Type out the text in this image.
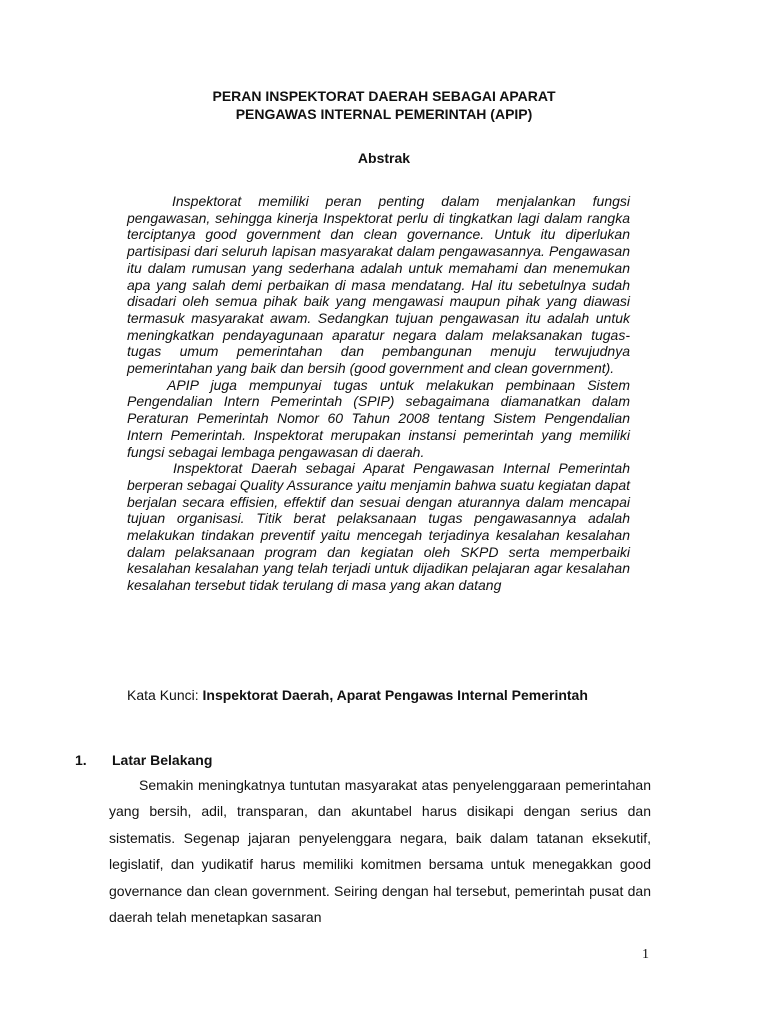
PERAN INSPEKTORAT DAERAH SEBAGAI APARAT
PENGAWAS INTERNAL PEMERINTAH (APIP)
Abstrak

Inspektorat memiliki peran penting dalam menjalankan fungsi pengawasan, sehingga kinerja Inspektorat perlu di tingkatkan lagi dalam rangka terciptanya good government dan clean governance. Untuk itu diperlukan partisipasi dari seluruh lapisan masyarakat dalam pengawasannya. Pengawasan itu dalam rumusan yang sederhana adalah untuk memahami dan menemukan apa yang salah demi perbaikan di masa mendatang. Hal itu sebetulnya sudah disadari oleh semua pihak baik yang mengawasi maupun pihak yang diawasi termasuk masyarakat awam. Sedangkan tujuan pengawasan itu adalah untuk meningkatkan pendayagunaan aparatur negara dalam melaksanakan tugas-tugas umum pemerintahan dan pembangunan menuju terwujudnya pemerintahan yang baik dan bersih (good government and clean government).

APIP juga mempunyai tugas untuk melakukan pembinaan Sistem Pengendalian Intern Pemerintah (SPIP) sebagaimana diamanatkan dalam Peraturan Pemerintah Nomor 60 Tahun 2008 tentang Sistem Pengendalian Intern Pemerintah. Inspektorat merupakan instansi pemerintah yang memiliki fungsi sebagai lembaga pengawasan di daerah.

Inspektorat Daerah sebagai Aparat Pengawasan Internal Pemerintah berperan sebagai Quality Assurance yaitu menjamin bahwa suatu kegiatan dapat berjalan secara effisien, effektif dan sesuai dengan aturannya dalam mencapai tujuan organisasi. Titik berat pelaksanaan tugas pengawasannya adalah melakukan tindakan preventif yaitu mencegah terjadinya kesalahan kesalahan dalam pelaksanaan program dan kegiatan oleh SKPD serta memperbaiki kesalahan kesalahan yang telah terjadi untuk dijadikan pelajaran agar kesalahan kesalahan tersebut tidak terulang di masa yang akan datang

Kata Kunci: Inspektorat Daerah, Aparat Pengawas Internal Pemerintah
1. Latar Belakang

Semakin meningkatnya tuntutan masyarakat atas penyelenggaraan pemerintahan yang bersih, adil, transparan, dan akuntabel harus disikapi dengan serius dan sistematis. Segenap jajaran penyelenggara negara, baik dalam tatanan eksekutif, legislatif, dan yudikatif harus memiliki komitmen bersama untuk menegakkan good governance dan clean government. Seiring dengan hal tersebut, pemerintah pusat dan daerah telah menetapkan sasaran

1
